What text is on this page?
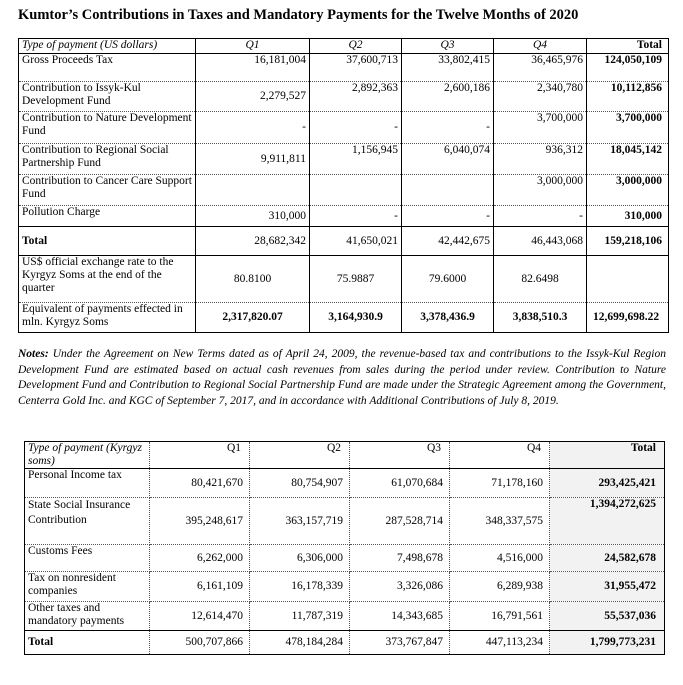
Kumtor’s Contributions in Taxes and Mandatory Payments for the Twelve Months of 2020
Type of payment (US dollars)	Q1	Q2	Q3	Q4	Total
Gross Proceeds Tax	16,181,004	37,600,713	33,802,415	36,465,976	124,050,109
Contribution to Issyk-Kul Development Fund	2,279,527	2,892,363	2,600,186	2,340,780	10,112,856
Contribution to Nature Development Fund	-	-	-	3,700,000	3,700,000
Contribution to Regional Social Partnership Fund	9,911,811	1,156,945	6,040,074	936,312	18,045,142
Contribution to Cancer Care Support Fund				3,000,000	3,000,000
Pollution Charge	310,000	-	-	-	310,000
Total	28,682,342	41,650,021	42,442,675	46,443,068	159,218,106
US$ official exchange rate to the Kyrgyz Soms at the end of the quarter	80.8100	75.9887	79.6000	82.6498	
Equivalent of payments effected in mln. Kyrgyz Soms	2,317,820.07	3,164,930.9	3,378,436.9	3,838,510.3	12,699,698.22
Notes: Under the Agreement on New Terms dated as of April 24, 2009, the revenue-based tax and contributions to the Issyk-Kul Region Development Fund are estimated based on actual cash revenues from sales during the period under review. Contribution to Nature Development Fund and Contribution to Regional Social Partnership Fund are made under the Strategic Agreement among the Government, Centerra Gold Inc. and KGC of September 7, 2017, and in accordance with Additional Contributions of July 8, 2019.
Type of payment (Kyrgyz soms)	Q1	Q2	Q3	Q4	Total
Personal Income tax	80,421,670	80,754,907	61,070,684	71,178,160	293,425,421
State Social Insurance Contribution	395,248,617	363,157,719	287,528,714	348,337,575	1,394,272,625
Customs Fees	6,262,000	6,306,000	7,498,678	4,516,000	24,582,678
Tax on nonresident companies	6,161,109	16,178,339	3,326,086	6,289,938	31,955,472
Other taxes and mandatory payments	12,614,470	11,787,319	14,343,685	16,791,561	55,537,036
Total	500,707,866	478,184,284	373,767,847	447,113,234	1,799,773,231
